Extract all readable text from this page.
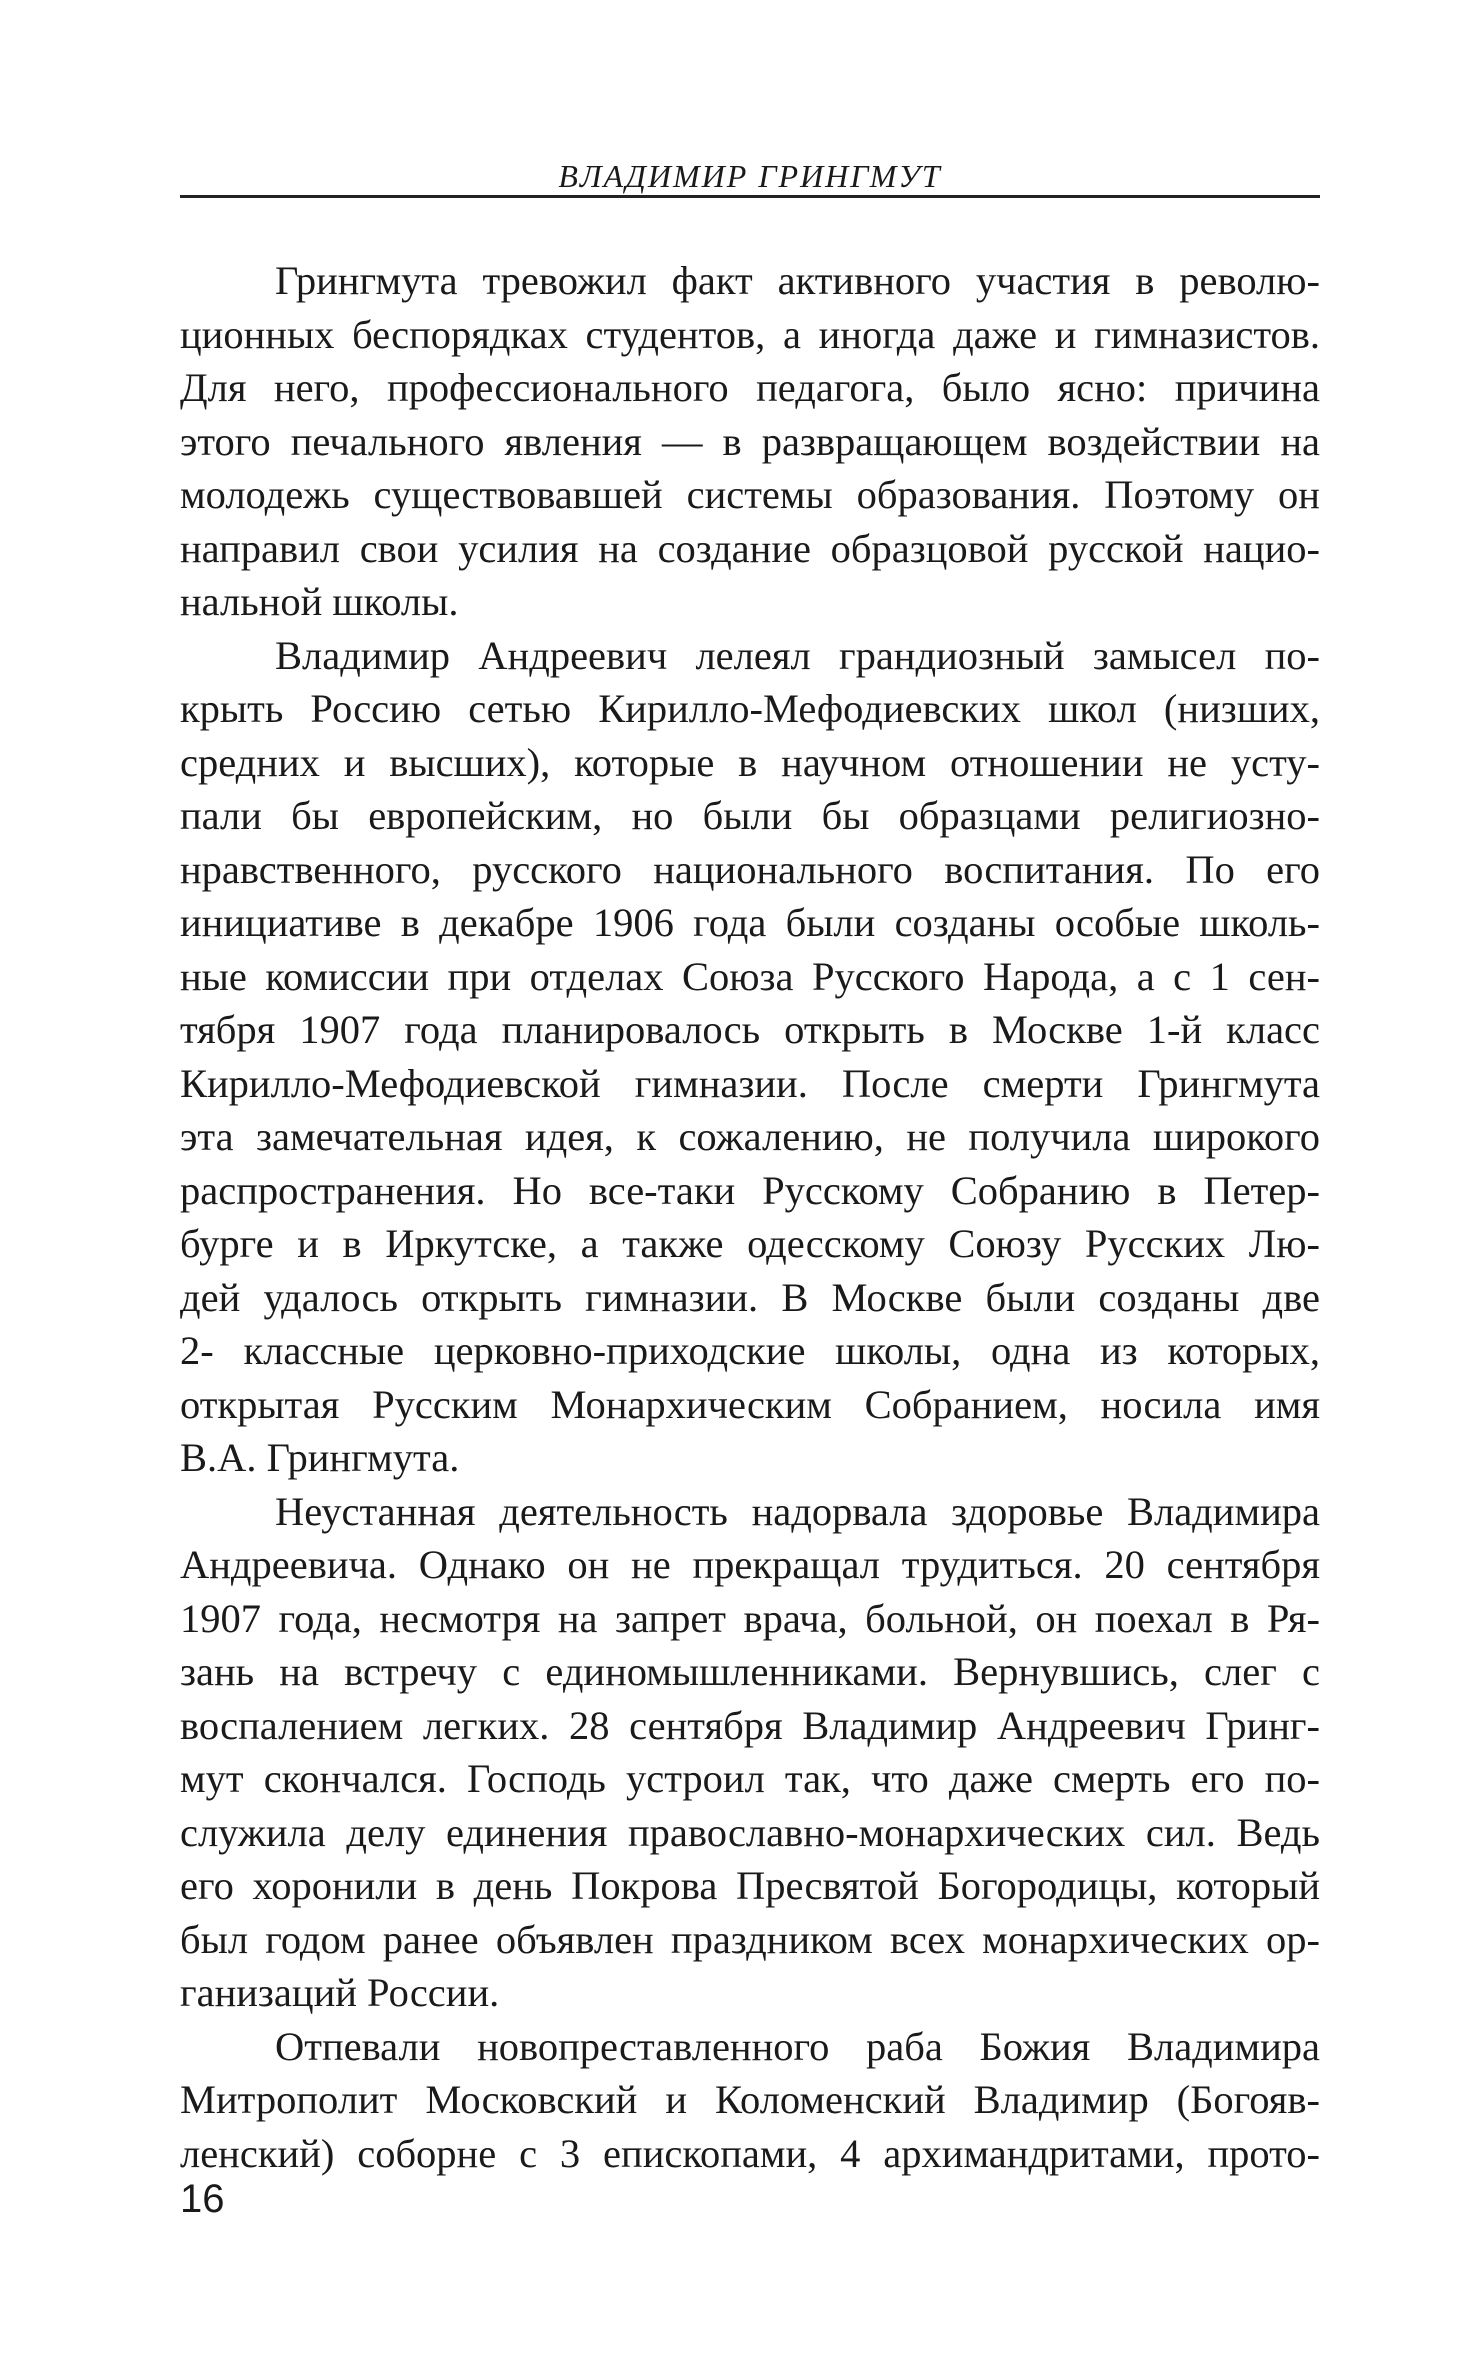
ВЛАДИМИР ГРИНГМУТ
Грингмута тревожил факт активного участия в револю-
ционных беспорядках студентов, а иногда даже и гимназистов.
Для него, профессионального педагога, было ясно: причина
этого печального явления — в развращающем воздействии на
молодежь существовавшей системы образования. Поэтому он
направил свои усилия на создание образцовой русской нацио-
нальной школы.
Владимир Андреевич лелеял грандиозный замысел по-
крыть Россию сетью Кирилло-Мефодиевских школ (низших,
средних и высших), которые в научном отношении не усту-
пали бы европейским, но были бы образцами религиозно-
нравственного, русского национального воспитания. По его
инициативе в декабре 1906 года были созданы особые школь-
ные комиссии при отделах Союза Русского Народа, а с 1 сен-
тября 1907 года планировалось открыть в Москве 1-й класс
Кирилло-Мефодиевской гимназии. После смерти Грингмута
эта замечательная идея, к сожалению, не получила широкого
распространения. Но все-таки Русскому Собранию в Петер-
бурге и в Иркутске, а также одесскому Союзу Русских Лю-
дей удалось открыть гимназии. В Москве были созданы две
2- классные церковно-приходские школы, одна из которых,
открытая Русским Монархическим Собранием, носила имя
В.А. Грингмута.
Неустанная деятельность надорвала здоровье Владимира
Андреевича. Однако он не прекращал трудиться. 20 сентября
1907 года, несмотря на запрет врача, больной, он поехал в Ря-
зань на встречу с единомышленниками. Вернувшись, слег с
воспалением легких. 28 сентября Владимир Андреевич Гринг-
мут скончался. Господь устроил так, что даже смерть его по-
служила делу единения православно-монархических сил. Ведь
его хоронили в день Покрова Пресвятой Богородицы, который
был годом ранее объявлен праздником всех монархических ор-
ганизаций России.
Отпевали новопреставленного раба Божия Владимира
Митрополит Московский и Коломенский Владимир (Богояв-
ленский) соборне с 3 епископами, 4 архимандритами, прото-
16
